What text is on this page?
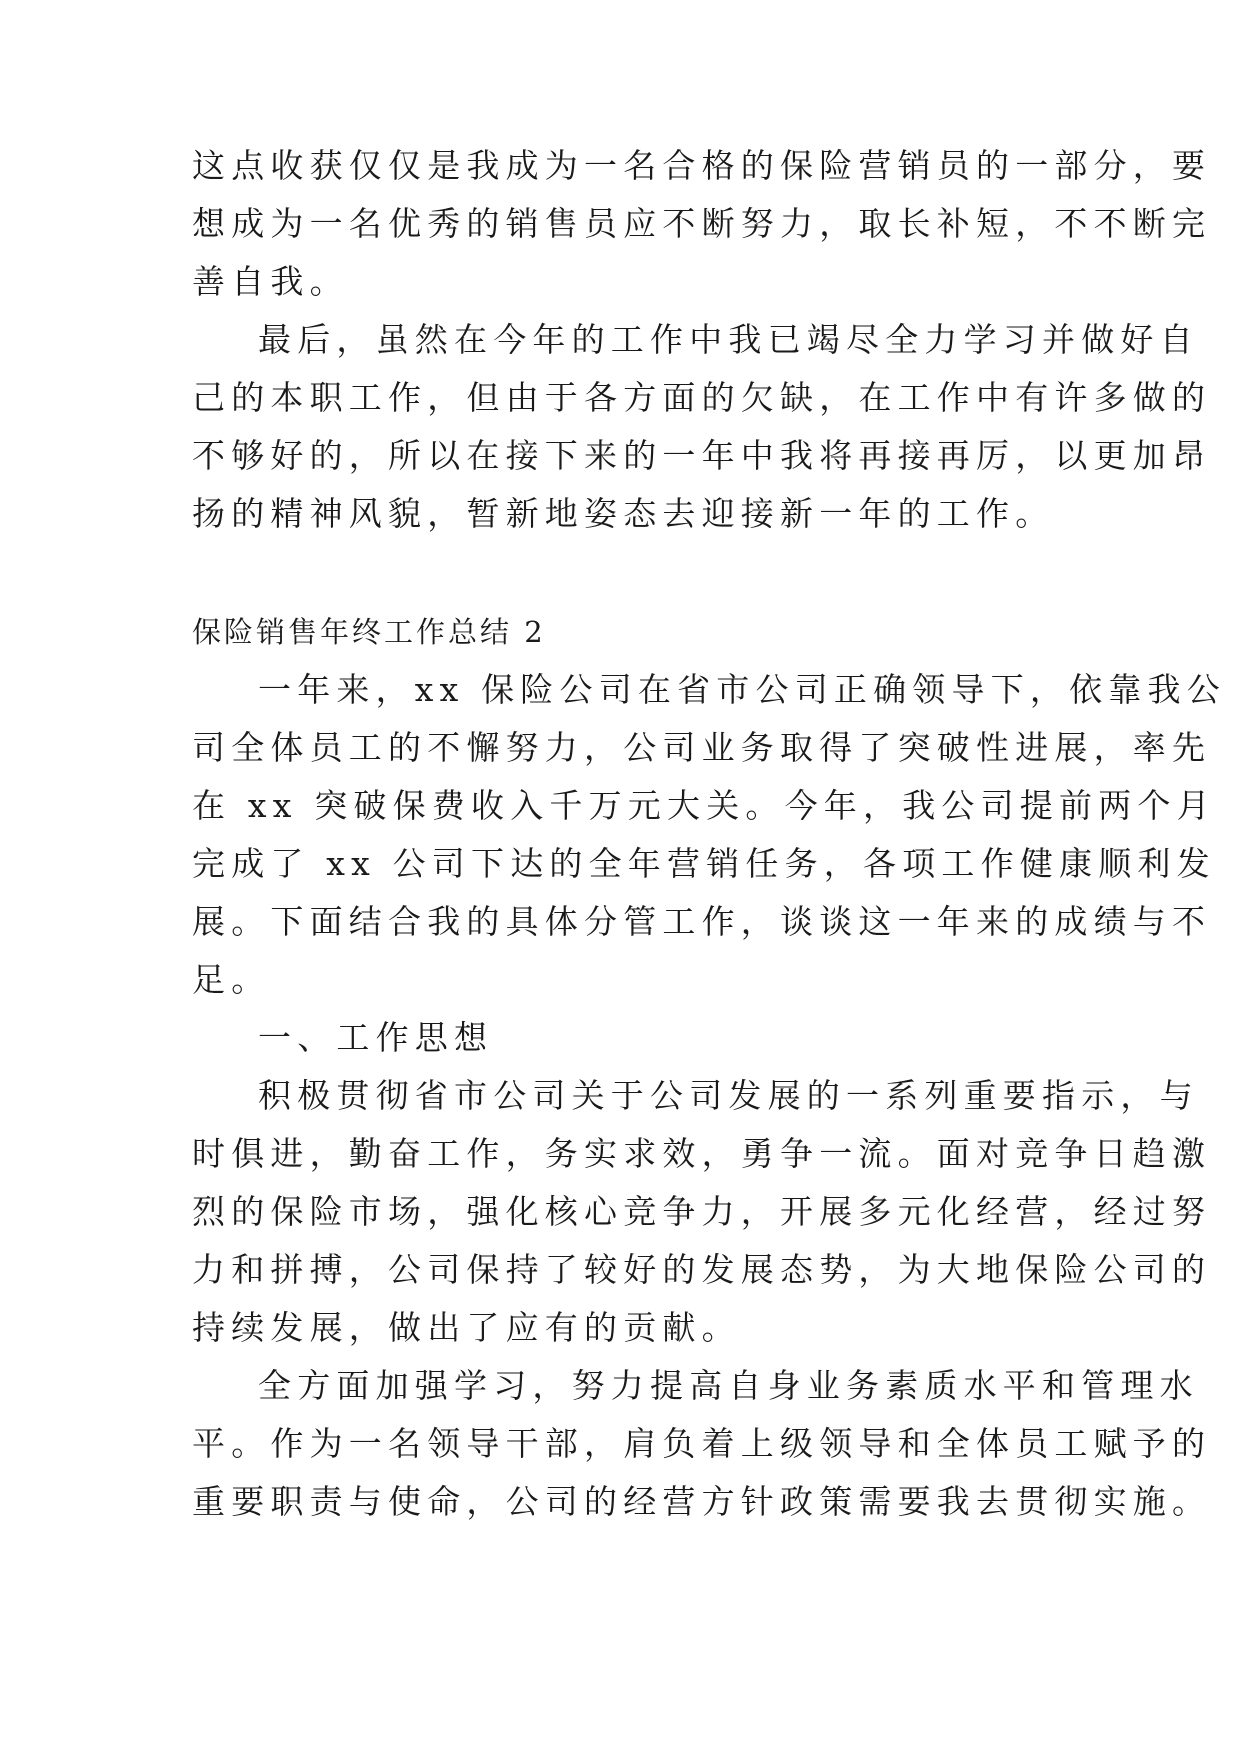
这点收获仅仅是我成为一名合格的保险营销员的一部分，要
想成为一名优秀的销售员应不断努力，取长补短，不不断完
善自我。
最后，虽然在今年的工作中我已竭尽全力学习并做好自
己的本职工作，但由于各方面的欠缺，在工作中有许多做的
不够好的，所以在接下来的一年中我将再接再厉，以更加昂
扬的精神风貌，暂新地姿态去迎接新一年的工作。
保险销售年终工作总结 2
一年来，xx 保险公司在省市公司正确领导下，依靠我公
司全体员工的不懈努力，公司业务取得了突破性进展，率先
在 xx 突破保费收入千万元大关。今年，我公司提前两个月
完成了 xx 公司下达的全年营销任务，各项工作健康顺利发
展。下面结合我的具体分管工作，谈谈这一年来的成绩与不
足。
一、工作思想
积极贯彻省市公司关于公司发展的一系列重要指示，与
时俱进，勤奋工作，务实求效，勇争一流。面对竞争日趋激
烈的保险市场，强化核心竞争力，开展多元化经营，经过努
力和拼搏，公司保持了较好的发展态势，为大地保险公司的
持续发展，做出了应有的贡献。
全方面加强学习，努力提高自身业务素质水平和管理水
平。作为一名领导干部，肩负着上级领导和全体员工赋予的
重要职责与使命，公司的经营方针政策需要我去贯彻实施。
